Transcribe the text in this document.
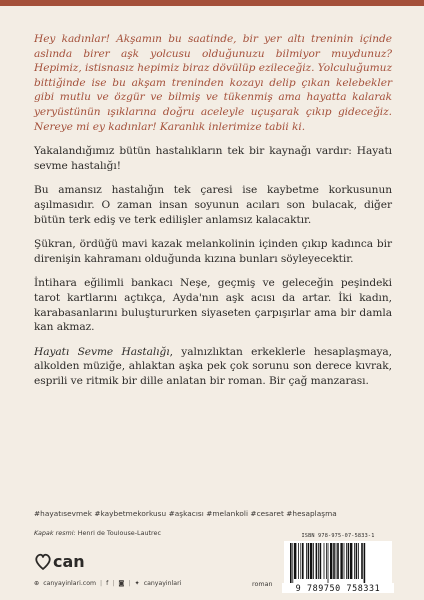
Hey kadınlar! Akşamın bu saatinde, bir yer altı treninin içinde aslında birer aşk yolcusu olduğunuzu bilmiyor muydunuz? Hepimiz, istisnasız hepimiz biraz dövülüp ezileceğiz. Yolculuğumuz bittiğinde ise bu akşam treninden kozayı delip çıkan kelebekler gibi mutlu ve özgür ve bilmiş ve tükenmiş ama hayatta kalarak yeryüstünün ışıklarına doğru aceleyle uçuşarak çıkıp gideceğiz. Nereye mi ey kadınlar! Karanlık inlerimize tabii ki.

Yakalandığımız bütün hastalıkların tek bir kaynağı vardır: Hayatı sevme hastalığı!

Bu amansız hastalığın tek çaresi ise kaybetme korkusunun aşılmasıdır. O zaman insan soyunun acıları son bulacak, diğer bütün terk ediş ve terk edilişler anlamsız kalacaktır.

Şükran, ördüğü mavi kazak melankolinin içinden çıkıp kadınca bir direnişin kahramanı olduğunda kızına bunları söyleyecektir.

İntihara eğilimli bankacı Neşe, geçmiş ve geleceğin peşindeki tarot kartlarını açtıkça, Ayda'nın aşk acısı da artar. İki kadın, karabasanlarını buluştururken siyaseten çarpışırlar ama bir damla kan akmaz.

Hayatı Sevme Hastalığı, yalnızlıktan erkeklerle hesaplaşmaya, alkolden müziğe, ahlaktan aşka pek çok sorunu son derece kıvrak, esprili ve ritmik bir dille anlatan bir roman. Bir çağ manzarası.

#hayatısevmek #kaybetmekorkusu #aşkacısı #melankoli #cesaret #hesaplaşma
Kapak resmi: Henri de Toulouse-Lautrec
can
⊕ canyayinlari.com | f | ◙ | ✦ canyayinlari	roman
ISBN 978-975-07-5833-1
9 789750 758331
